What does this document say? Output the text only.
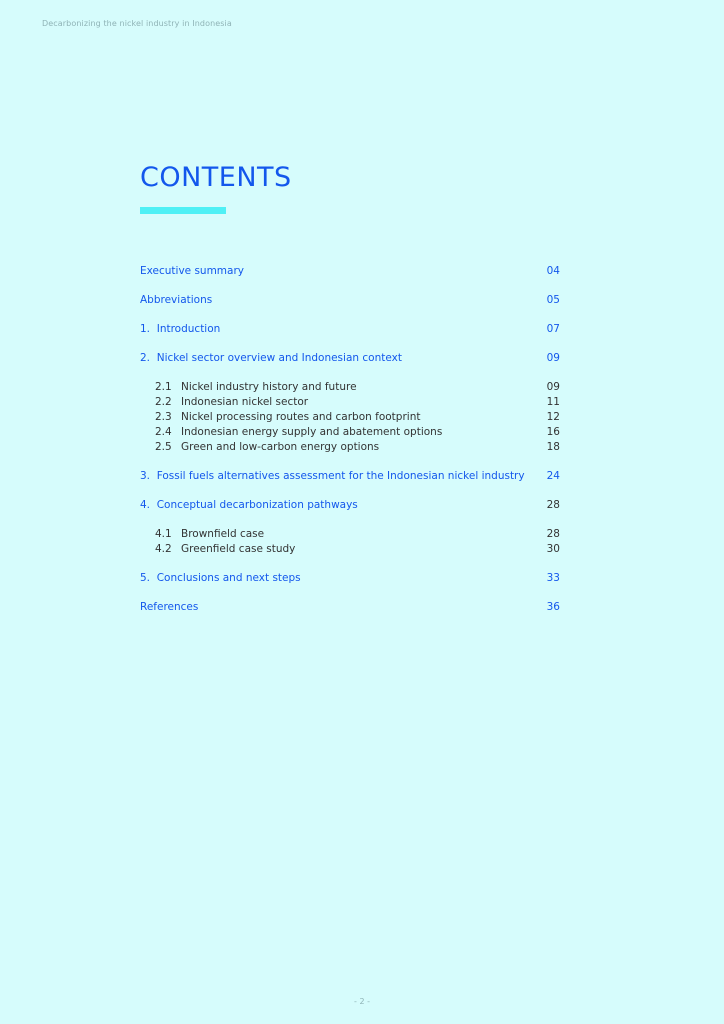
Decarbonizing the nickel industry in Indonesia
CONTENTS
Executive summary	04
Abbreviations	05
1. Introduction	07
2. Nickel sector overview and Indonesian context	09
2.1 Nickel industry history and future	09
2.2 Indonesian nickel sector	11
2.3 Nickel processing routes and carbon footprint	12
2.4 Indonesian energy supply and abatement options	16
2.5 Green and low-carbon energy options	18
3. Fossil fuels alternatives assessment for the Indonesian nickel industry	24
4. Conceptual decarbonization pathways	28
4.1 Brownfield case	28
4.2 Greenfield case study	30
5. Conclusions and next steps	33
References	36
- 2 -
